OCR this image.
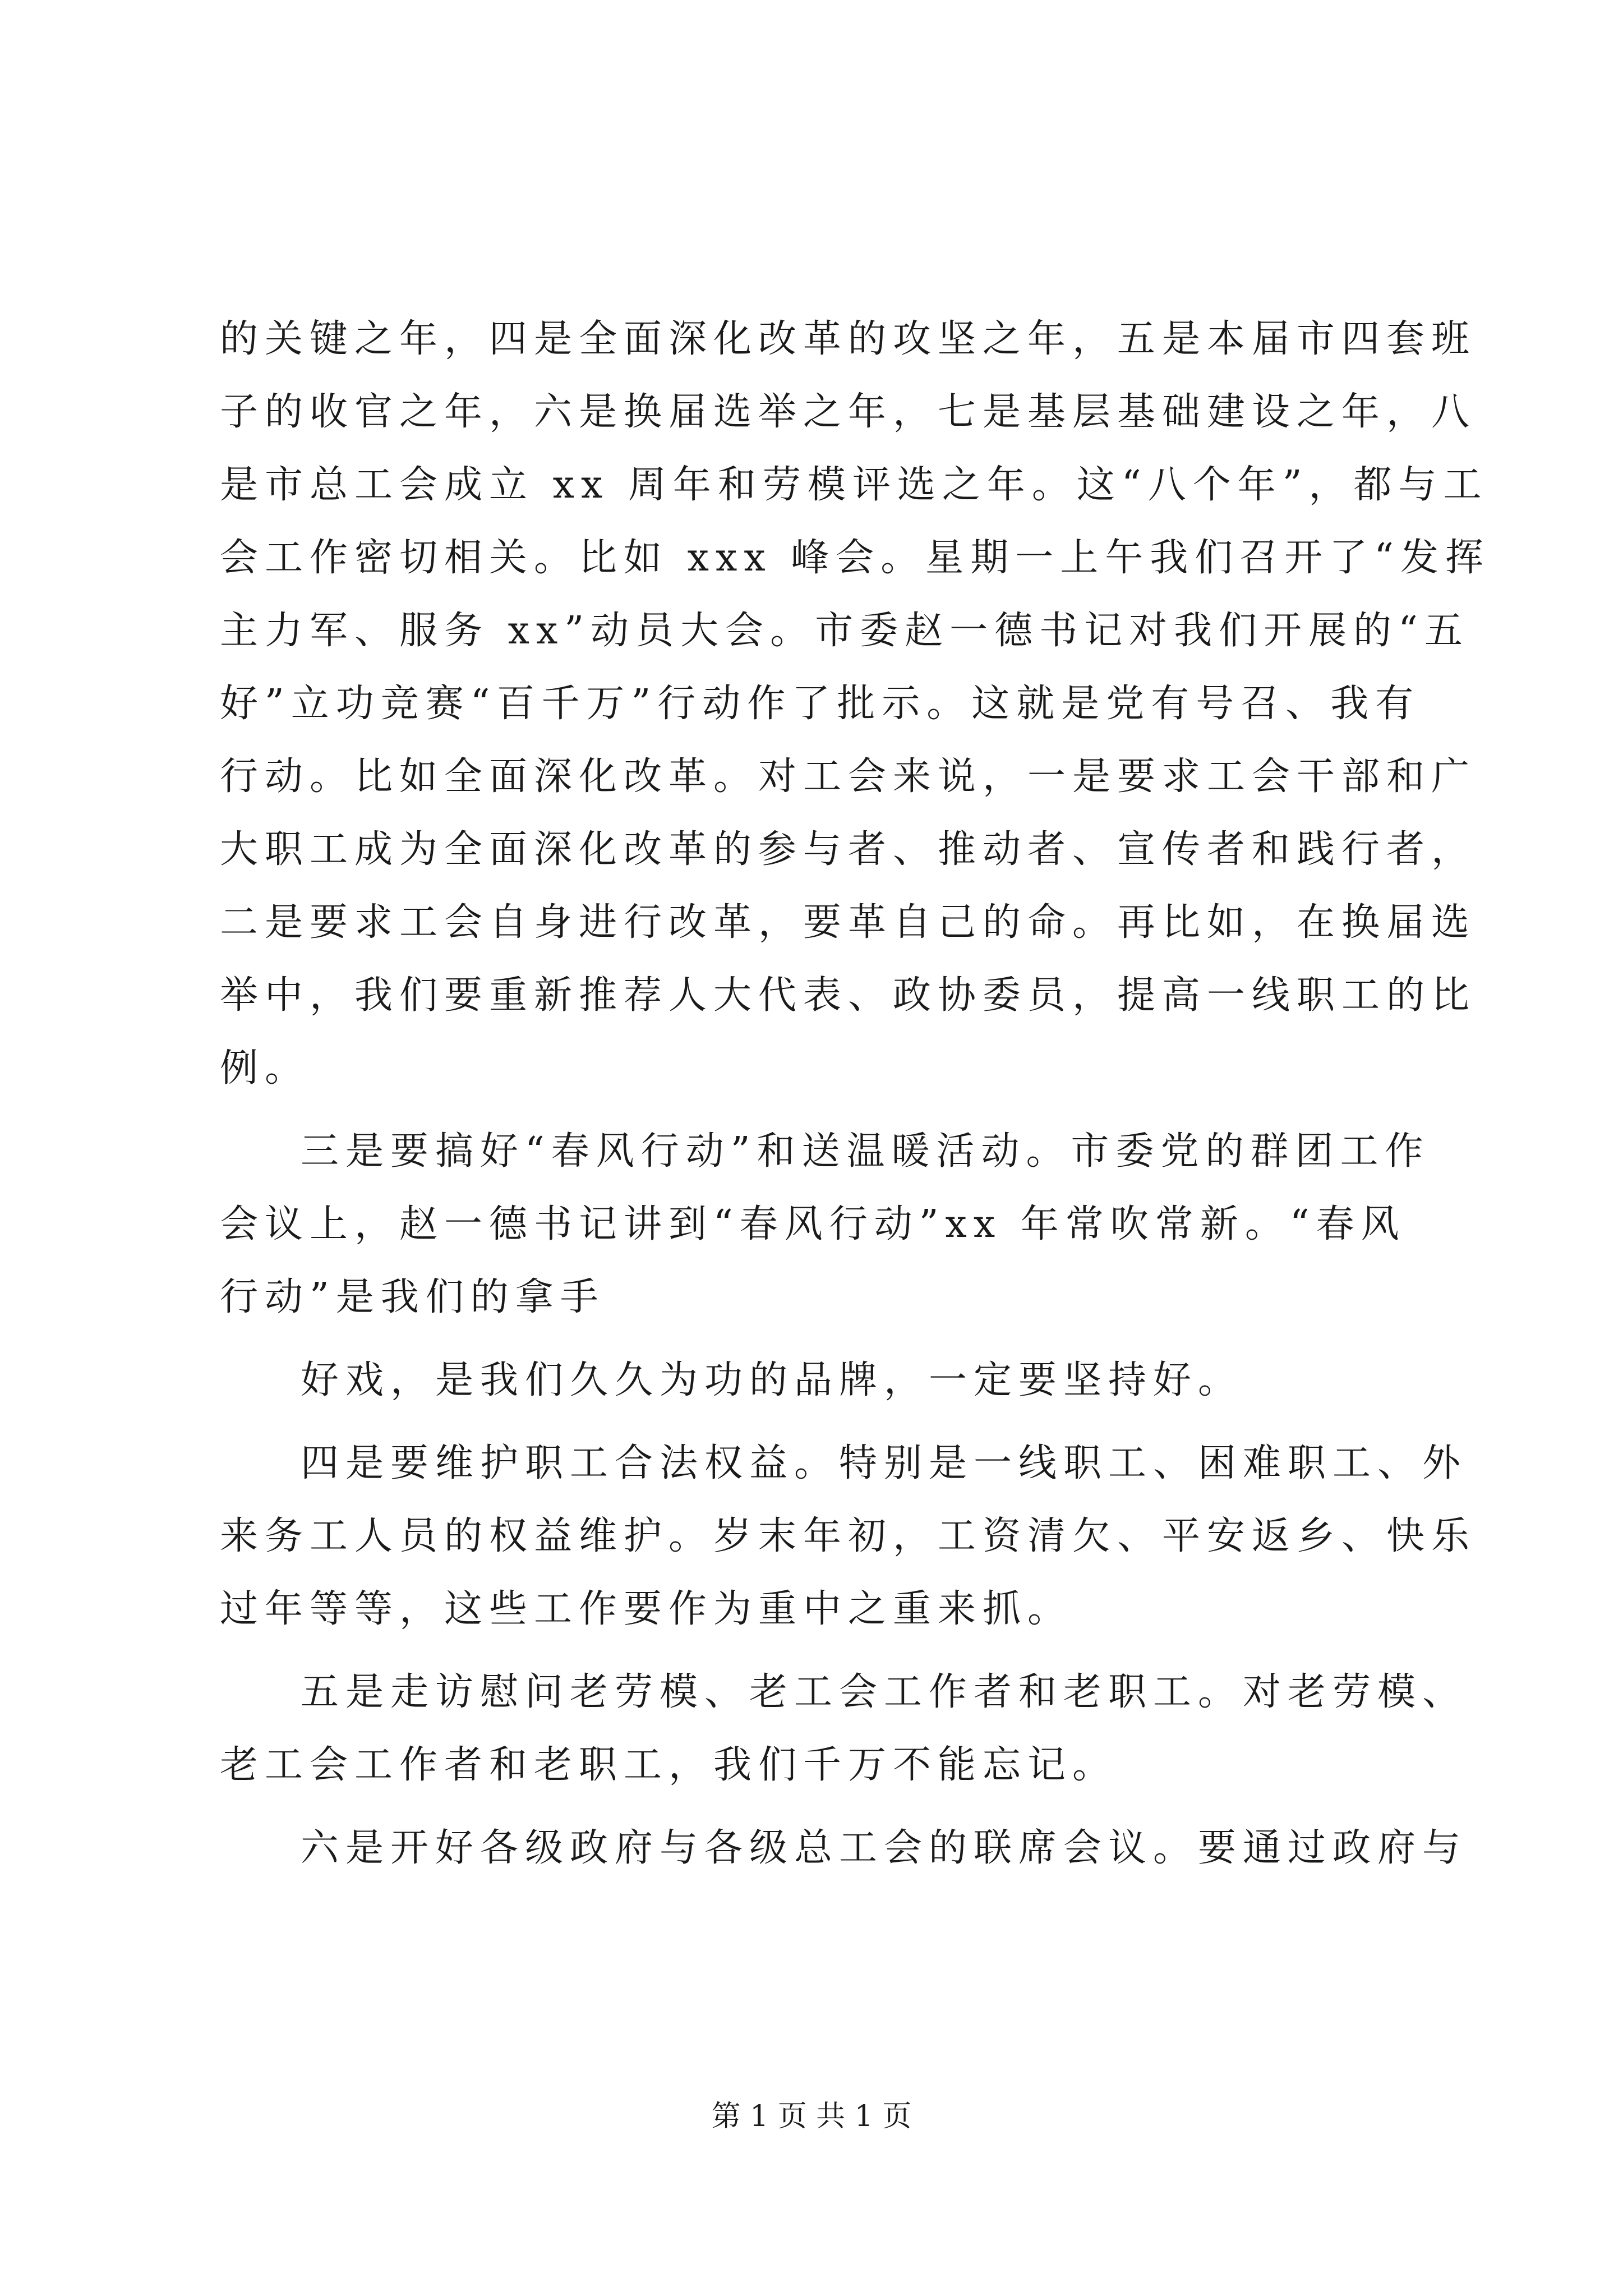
的关键之年，四是全面深化改革的攻坚之年，五是本届市四套班
子的收官之年，六是换届选举之年，七是基层基础建设之年，八
是市总工会成立 xx 周年和劳模评选之年。这“八个年”，都与工
会工作密切相关。比如 xxx 峰会。星期一上午我们召开了“发挥
主力军、服务 xx”动员大会。市委赵一德书记对我们开展的“五
好”立功竞赛“百千万”行动作了批示。这就是党有号召、我有
行动。比如全面深化改革。对工会来说，一是要求工会干部和广
大职工成为全面深化改革的参与者、推动者、宣传者和践行者，
二是要求工会自身进行改革，要革自己的命。再比如，在换届选
举中，我们要重新推荐人大代表、政协委员，提高一线职工的比
例。
三是要搞好“春风行动”和送温暖活动。市委党的群团工作
会议上，赵一德书记讲到“春风行动”xx 年常吹常新。“春风
行动”是我们的拿手
好戏，是我们久久为功的品牌，一定要坚持好。
四是要维护职工合法权益。特别是一线职工、困难职工、外
来务工人员的权益维护。岁末年初，工资清欠、平安返乡、快乐
过年等等，这些工作要作为重中之重来抓。
五是走访慰问老劳模、老工会工作者和老职工。对老劳模、
老工会工作者和老职工，我们千万不能忘记。
六是开好各级政府与各级总工会的联席会议。要通过政府与
第 1 页 共 1 页
